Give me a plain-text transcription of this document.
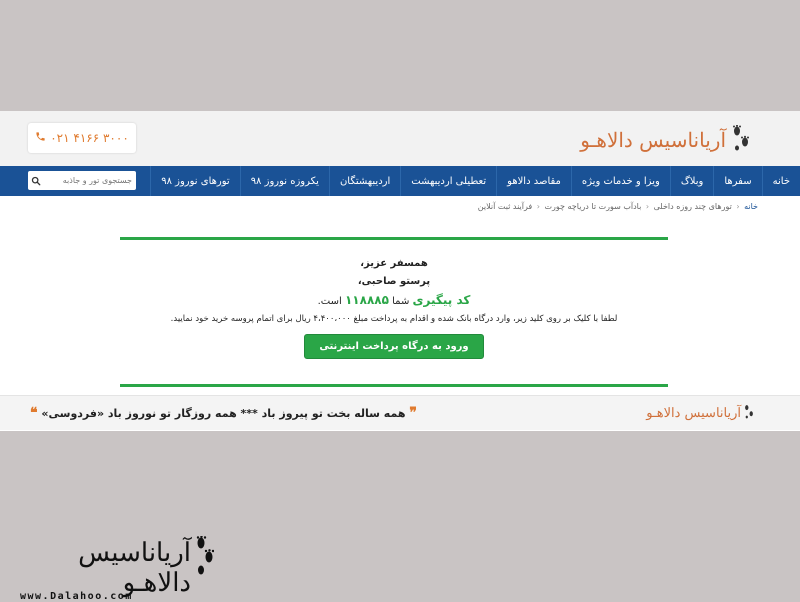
آریاناسیس دالاهـو
۰۲۱ ۴۱۶۶ ۳۰۰۰
خانه
سفرها
وبلاگ
ویزا و خدمات ویژه
مقاصد دالاهو
تعطیلی اردیبهشت
اردیبهشتگان
یکروزه نوروز ۹۸
تورهای نوروز ۹۸
جستجوی تور و جاذبه
خانه ‹ تورهای چند روزه داخلی ‹ بادآب سورت تا دریاچه چورت ‹ فرآیند ثبت آنلاین
همسفر عزیز،
پرستو صاحبی،
کد پیگیری شما ۱۱۸۸۸۵ است.
لطفا با کلیک بر روی کلید زیر، وارد درگاه بانک شده و اقدام به پرداخت مبلغ ۴،۴۰۰،۰۰۰ ریال برای اتمام پروسه خرید خود نمایید.
ورود به درگاه پرداخت اینترنتی
❞ همه ساله بخت تو پیروز باد *** همه روزگار تو نوروز باد «فردوسی» ❝	آریاناسیس دالاهـو
آریاناسیس دالاهـو
www.Dalahoo.com
